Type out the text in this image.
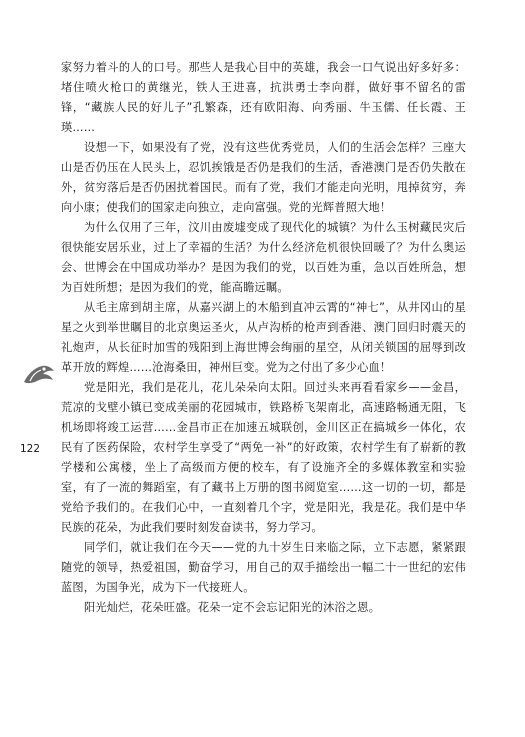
家努力着斗的人的口号。那些人是我心目中的英雄，我会一口气说出好多好多：堵住喷火枪口的黄继光，铁人王进喜，抗洪勇士李向群，做好事不留名的雷锋，“藏族人民的好儿子”孔繁森，还有欧阳海、向秀丽、牛玉儒、任长霞、王瑛……

设想一下，如果没有了党，没有这些优秀党员，人们的生活会怎样？三座大山是否仍压在人民头上，忍饥挨饿是否仍是我们的生活，香港澳门是否仍失散在外，贫穷落后是否仍困扰着国民。而有了党，我们才能走向光明，甩掉贫穷，奔向小康；使我们的国家走向独立，走向富强。党的光辉普照大地！

为什么仅用了三年，汶川由废墟变成了现代化的城镇？为什么玉树藏民灾后很快能安居乐业，过上了幸福的生活？为什么经济危机很快回暖了？为什么奥运会、世博会在中国成功举办？是因为我们的党，以百姓为重，急以百姓所急，想为百姓所想；是因为我们的党，能高瞻远瞩。

从毛主席到胡主席，从嘉兴湖上的木船到直冲云霄的“神七”，从井冈山的星星之火到举世瞩目的北京奥运圣火，从卢沟桥的枪声到香港、澳门回归时震天的礼炮声，从长征时加雪的残阳到上海世博会绚丽的星空，从闭关锁国的屈辱到改革开放的辉煌……沧海桑田，神州巨变。党为之付出了多少心血！

党是阳光，我们是花儿，花儿朵朵向太阳。回过头来再看看家乡——金昌，荒凉的戈壁小镇已变成美丽的花园城市，铁路桥飞架南北，高速路畅通无阻，飞机场即将竣工运营……金昌市正在加速五城联创，金川区正在搞城乡一体化，农民有了医药保险，农村学生享受了“两免一补”的好政策，农村学生有了崭新的教学楼和公寓楼，坐上了高级而方便的校车，有了设施齐全的多媒体教室和实验室，有了一流的舞蹈室，有了藏书上万册的图书阅览室……这一切的一切，都是党给予我们的。在我们心中，一直刻着几个字，党是阳光，我是花。我们是中华民族的花朵，为此我们要时刻发奋读书，努力学习。

同学们，就让我们在今天——党的九十岁生日来临之际，立下志愿，紧紧跟随党的领导，热爱祖国，勤奋学习，用自己的双手描绘出一幅二十一世纪的宏伟蓝图，为国争光，成为下一代接班人。

阳光灿烂，花朵旺盛。花朵一定不会忘记阳光的沐浴之恩。

122
